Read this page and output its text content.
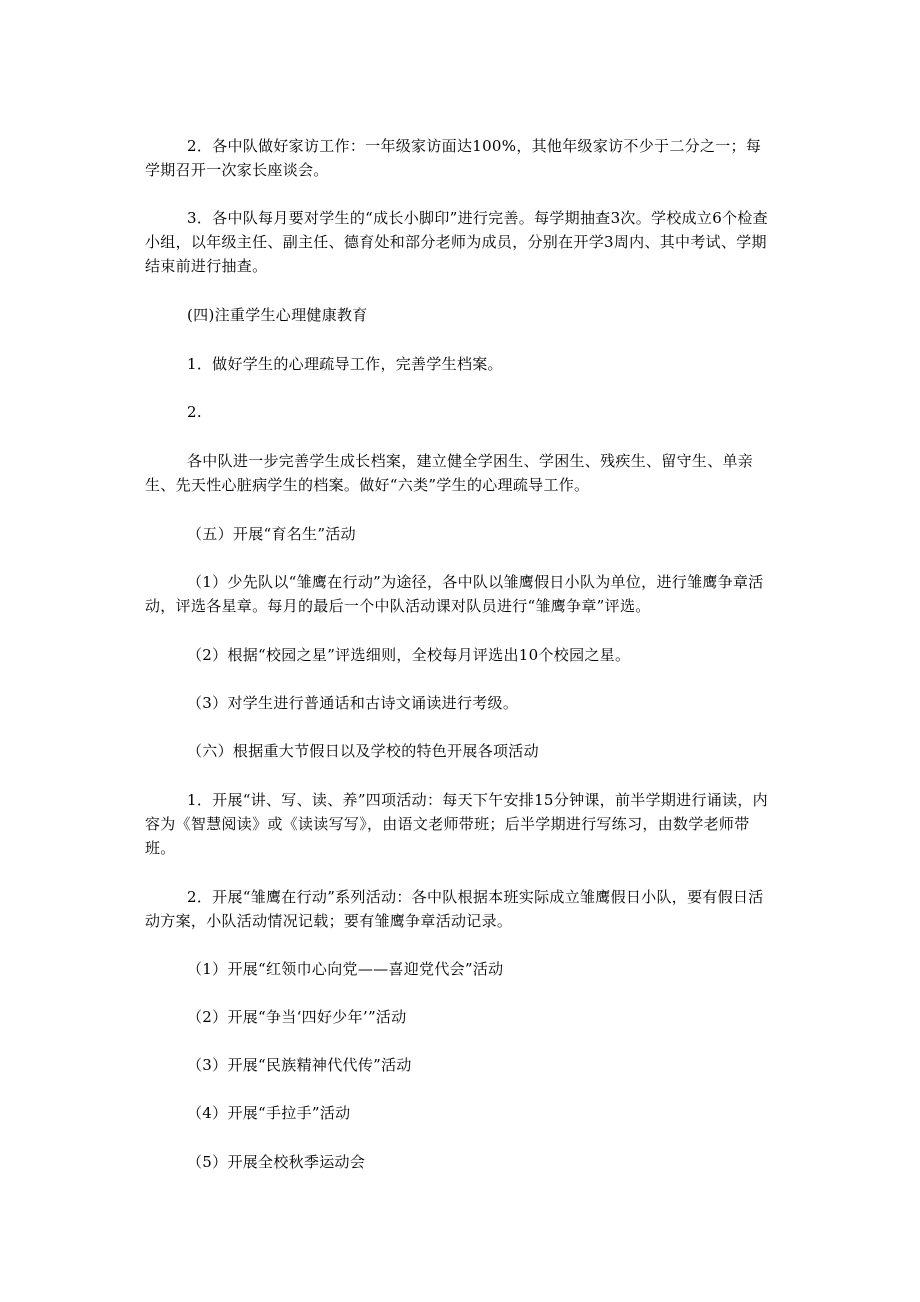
2．各中队做好家访工作：一年级家访面达100%，其他年级家访不少于二分之一；每学期召开一次家长座谈会。

3．各中队每月要对学生的“成长小脚印”进行完善。每学期抽查3次。学校成立6个检查小组，以年级主任、副主任、德育处和部分老师为成员，分别在开学3周内、其中考试、学期结束前进行抽查。

(四)注重学生心理健康教育

1．做好学生的心理疏导工作，完善学生档案。

2.

各中队进一步完善学生成长档案，建立健全学困生、学困生、残疾生、留守生、单亲生、先天性心脏病学生的档案。做好“六类”学生的心理疏导工作。

（五）开展“育名生”活动

（1）少先队以“雏鹰在行动”为途径，各中队以雏鹰假日小队为单位，进行雏鹰争章活动，评选各星章。每月的最后一个中队活动课对队员进行“雏鹰争章”评选。

（2）根据“校园之星”评选细则，全校每月评选出10个校园之星。

（3）对学生进行普通话和古诗文诵读进行考级。

（六）根据重大节假日以及学校的特色开展各项活动

1．开展“讲、写、读、养”四项活动：每天下午安排15分钟课，前半学期进行诵读，内容为《智慧阅读》或《读读写写》，由语文老师带班；后半学期进行写练习，由数学老师带班。

2．开展“雏鹰在行动”系列活动：各中队根据本班实际成立雏鹰假日小队，要有假日活动方案，小队活动情况记载；要有雏鹰争章活动记录。

（1）开展“红领巾心向党——喜迎党代会”活动

（2）开展“争当‘四好少年’”活动

（3）开展“民族精神代代传”活动

（4）开展“手拉手”活动

（5）开展全校秋季运动会
